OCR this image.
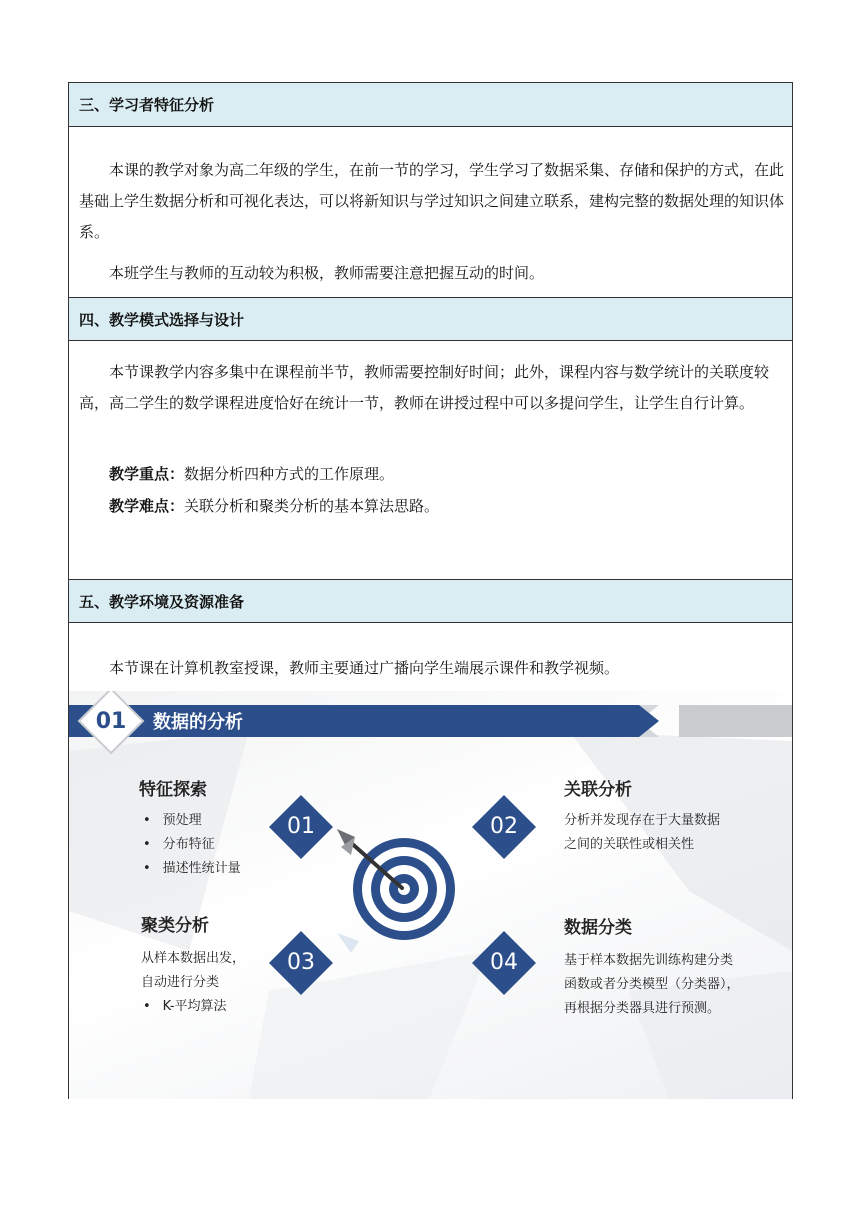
三、学习者特征分析
本课的教学对象为高二年级的学生，在前一节的学习，学生学习了数据采集、存储和保护的方式，在此基础上学生数据分析和可视化表达，可以将新知识与学过知识之间建立联系，建构完整的数据处理的知识体系。
本班学生与教师的互动较为积极，教师需要注意把握互动的时间。
四、教学模式选择与设计
本节课教学内容多集中在课程前半节，教师需要控制好时间；此外，课程内容与数学统计的关联度较高，高二学生的数学课程进度恰好在统计一节，教师在讲授过程中可以多提问学生，让学生自行计算。
教学重点：数据分析四种方式的工作原理。
教学难点：关联分析和聚类分析的基本算法思路。
五、教学环境及资源准备
本节课在计算机教室授课，教师主要通过广播向学生端展示课件和教学视频。
01	数据的分析
01	02
03	04
特征探索
• 预处理
• 分布特征
• 描述性统计量
关联分析
分析并发现存在于大量数据
之间的关联性或相关性
聚类分析
从样本数据出发，
自动进行分类
• K-平均算法
数据分类
基于样本数据先训练构建分类
函数或者分类模型（分类器），
再根据分类器具进行预测。
